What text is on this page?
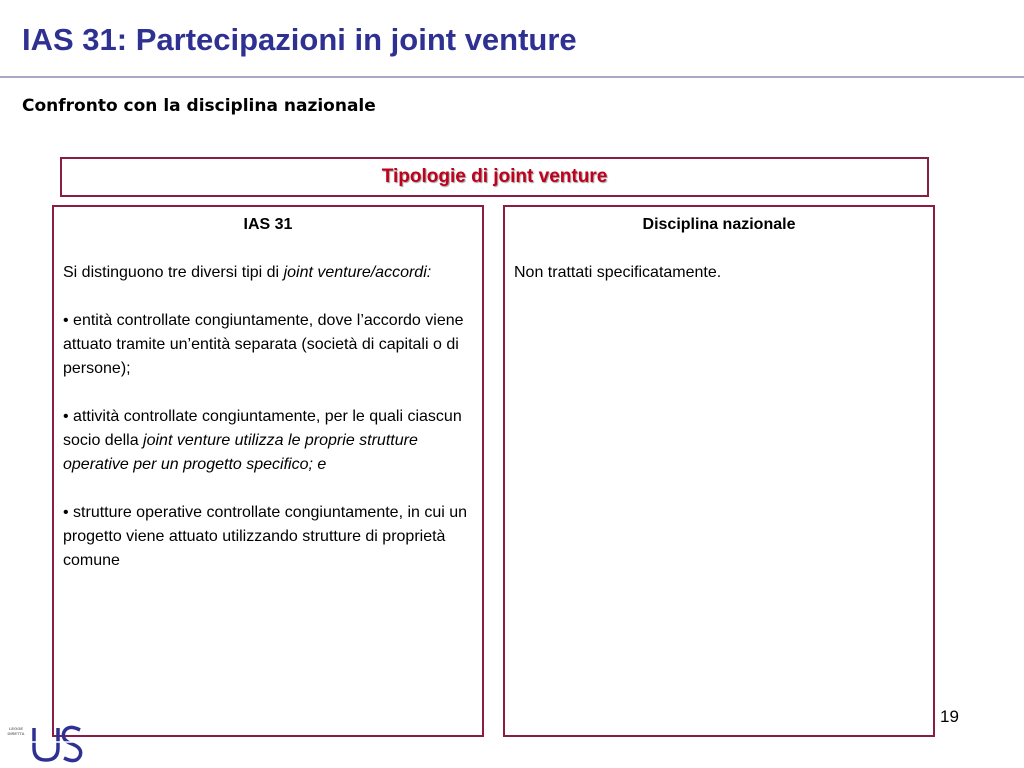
IAS 31: Partecipazioni in joint venture
Confronto con la disciplina nazionale
Tipologie di joint venture
IAS 31

Si distinguono tre diversi tipi di joint venture/accordi:

• entità controllate congiuntamente, dove l’accordo viene attuato tramite un’entità separata (società di capitali o di persone);

• attività controllate congiuntamente, per le quali ciascun socio della joint venture utilizza le proprie strutture operative per un progetto specifico; e

• strutture operative controllate congiuntamente, in cui un progetto viene attuato utilizzando strutture di proprietà comune

Disciplina nazionale

Non trattati specificatamente.

19
LEGGE DIRETTA
